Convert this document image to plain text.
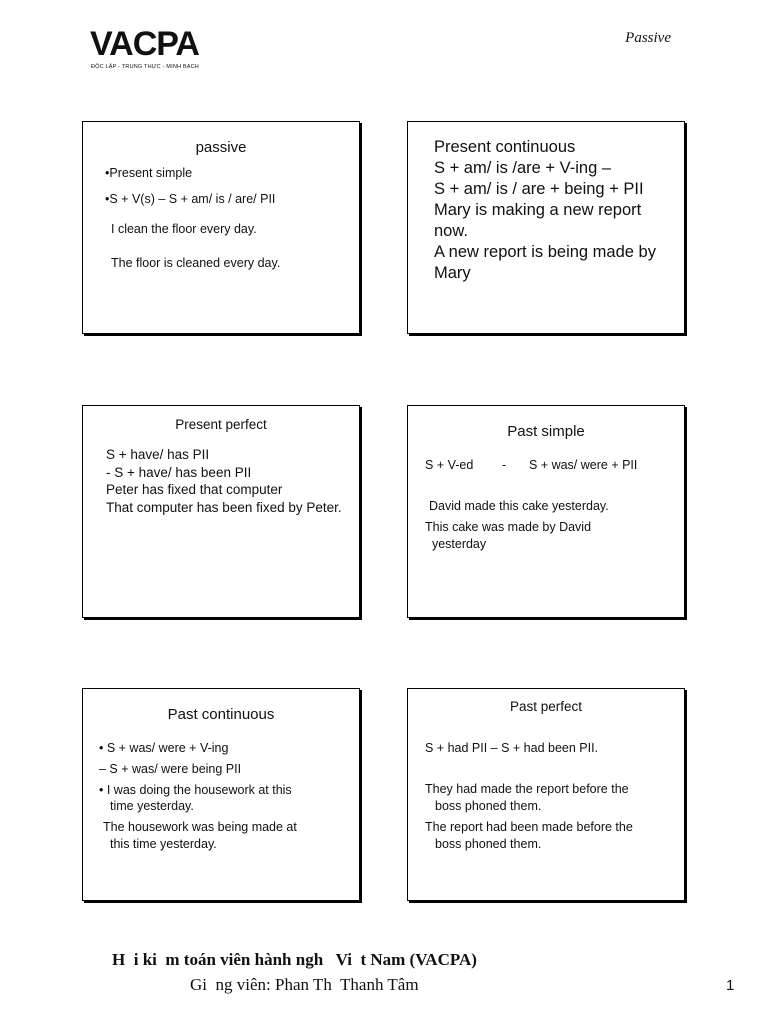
VACPA
ĐỘC LẬP - TRUNG THỰC - MINH BẠCH
Passive
passive
•Present simple
•S + V(s) – S + am/ is / are/ PII
I clean the floor every day.
The floor is cleaned every day.
Present continuous
S + am/ is /are + V-ing –
S + am/ is / are + being + PII
Mary is making a new report
now.
A new report is being made by
Mary
Present perfect
S + have/ has PII
- S + have/ has been PII
Peter has fixed that computer
That computer has been fixed by Peter.
Past simple
S + V-ed - S + was/ were + PII
David made this cake yesterday.
This cake was made by David
yesterday
Past continuous
• S + was/ were + V-ing
– S + was/ were being PII
• I was doing the housework at this
time yesterday.
The housework was being made at
this time yesterday.
Past perfect
S + had PII – S + had been PII.
They had made the report before the
boss phoned them.
The report had been made before the
boss phoned them.
H  i ki  m toán viên hành ngh   Vi  t Nam (VACPA)
Gi  ng viên: Phan Th  Thanh Tâm	1
